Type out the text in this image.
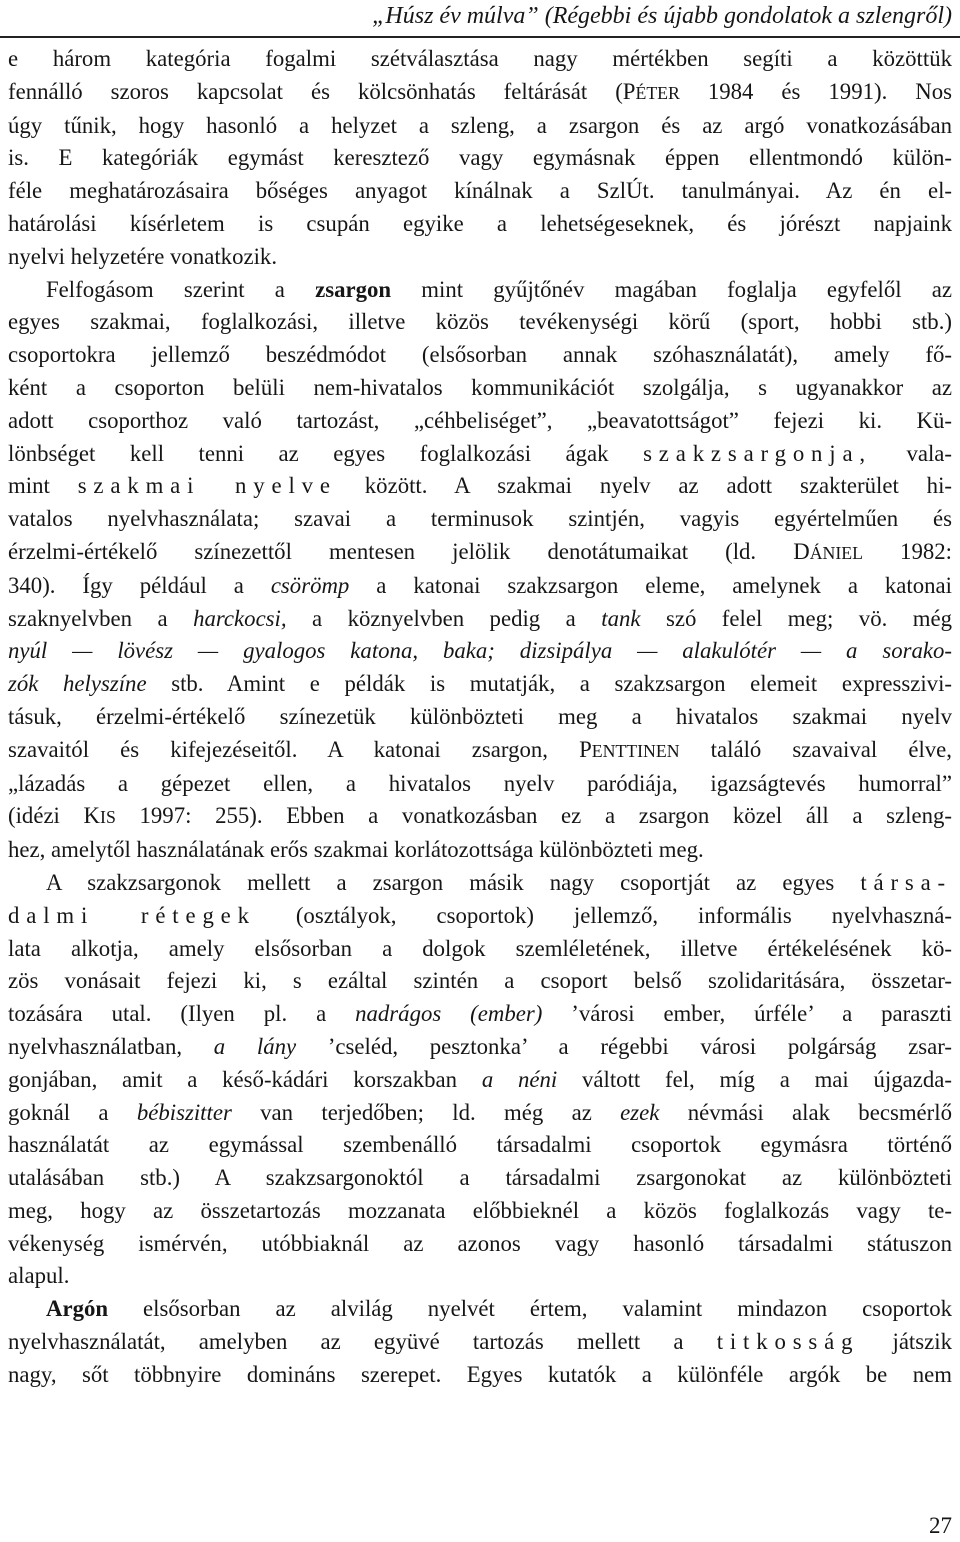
„Húsz év múlva” (Régebbi és újabb gondolatok a szlengről)
e három kategória fogalmi szétválasztása nagy mértékben segíti a közöttük
fennálló szoros kapcsolat és kölcsönhatás feltárását (PÉTER 1984 és 1991). Nos
úgy tűnik, hogy hasonló a helyzet a szleng, a zsargon és az argó vonatkozásában
is. E kategóriák egymást keresztező vagy egymásnak éppen ellentmondó külön-
féle meghatározásaira bőséges anyagot kínálnak a SzlÚt. tanulmányai. Az én el-
határolási kísérletem is csupán egyike a lehetségeseknek, és jórészt napjaink
nyelvi helyzetére vonatkozik.
Felfogásom szerint a zsargon mint gyűjtőnév magában foglalja egyfelől az
egyes szakmai, foglalkozási, illetve közös tevékenységi körű (sport, hobbi stb.)
csoportokra jellemző beszédmódot (elsősorban annak szóhasználatát), amely fő-
ként a csoporton belüli nem-hivatalos kommunikációt szolgálja, s ugyanakkor az
adott csoporthoz való tartozást, „céhbeliséget”, „beavatottságot” fejezi ki. Kü-
lönbséget kell tenni az egyes foglalkozási ágak szakzsargonja, vala-
mint szakmai nyelve között. A szakmai nyelv az adott szakterület hi-
vatalos nyelvhasználata; szavai a terminusok szintjén, vagyis egyértelműen és
érzelmi-értékelő színezettől mentesen jelölik denotátumaikat (ld. DÁNIEL 1982:
340). Így például a csörömp a katonai szakzsargon eleme, amelynek a katonai
szaknyelvben a harckocsi, a köznyelvben pedig a tank szó felel meg; vö. még
nyúl — lövész — gyalogos katona, baka; dizsipálya — alakulótér — a sorako-
zók helyszíne stb. Amint e példák is mutatják, a szakzsargon elemeit expresszivi-
tásuk, érzelmi-értékelő színezetük különbözteti meg a hivatalos szakmai nyelv
szavaitól és kifejezéseitől. A katonai zsargon, PENTTINEN találó szavaival élve,
„lázadás a gépezet ellen, a hivatalos nyelv paródiája, igazságtevés humorral”
(idézi KIS 1997: 255). Ebben a vonatkozásban ez a zsargon közel áll a szleng-
hez, amelytől használatának erős szakmai korlátozottsága különbözteti meg.
A szakzsargonok mellett a zsargon másik nagy csoportját az egyes társa-
dalmi rétegek (osztályok, csoportok) jellemző, informális nyelvhaszná-
lata alkotja, amely elsősorban a dolgok szemléletének, illetve értékelésének kö-
zös vonásait fejezi ki, s ezáltal szintén a csoport belső szolidaritására, összetar-
tozására utal. (Ilyen pl. a nadrágos (ember) ’városi ember, úrféle’ a paraszti
nyelvhasználatban, a lány ’cseléd, pesztonka’ a régebbi városi polgárság zsar-
gonjában, amit a késő-kádári korszakban a néni váltott fel, míg a mai újgazda-
goknál a bébiszitter van terjedőben; ld. még az ezek névmási alak becsmérlő
használatát az egymással szembenálló társadalmi csoportok egymásra történő
utalásában stb.) A szakzsargonoktól a társadalmi zsargonokat az különbözteti
meg, hogy az összetartozás mozzanata előbbieknél a közös foglalkozás vagy te-
vékenység ismérvén, utóbbiaknál az azonos vagy hasonló társadalmi státuszon
alapul.
Argón elsősorban az alvilág nyelvét értem, valamint mindazon csoportok
nyelvhasználatát, amelyben az együvé tartozás mellett a titkosság játszik
nagy, sőt többnyire domináns szerepet. Egyes kutatók a különféle argók be nem
27
